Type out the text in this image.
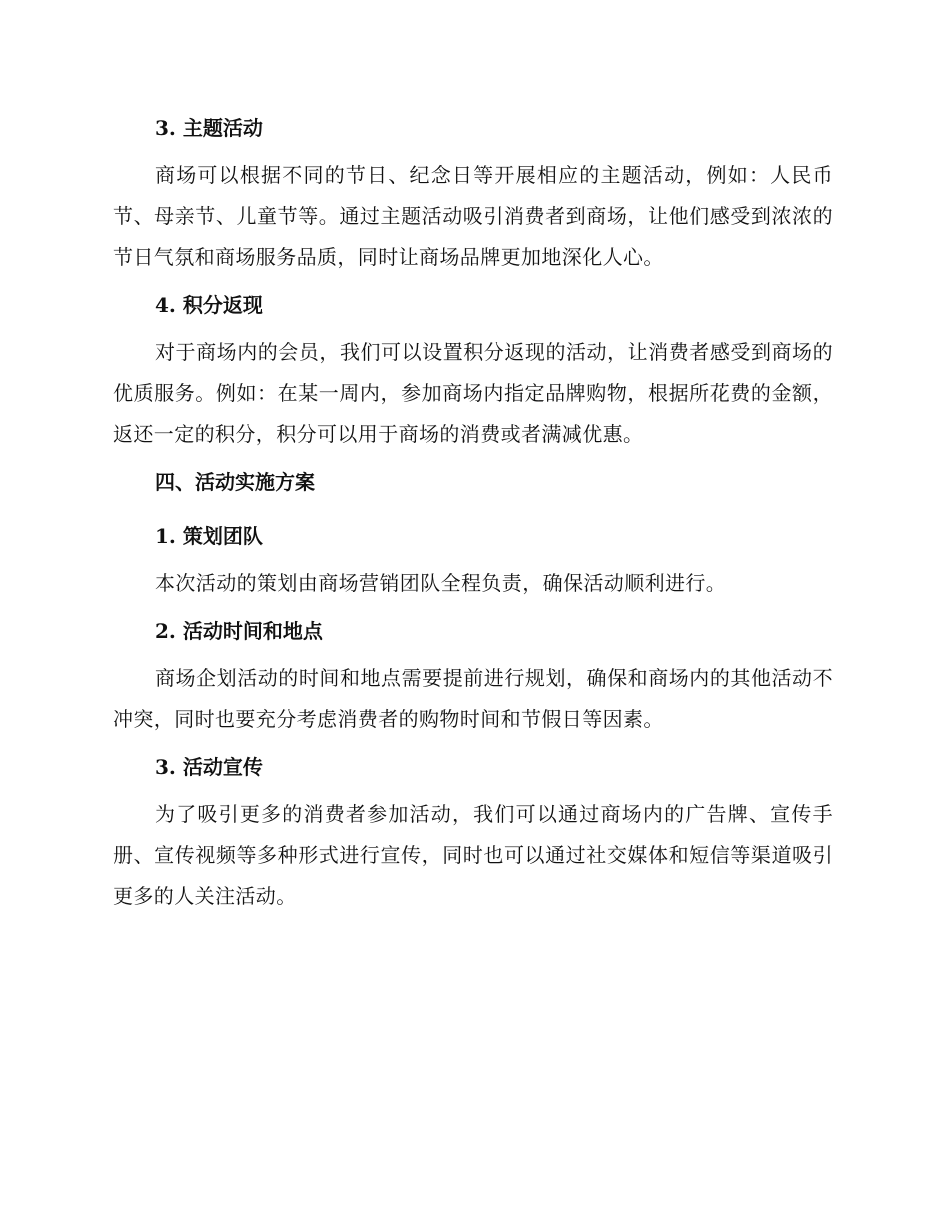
3. 主题活动

商场可以根据不同的节日、纪念日等开展相应的主题活动，例如：人民币节、母亲节、儿童节等。通过主题活动吸引消费者到商场，让他们感受到浓浓的节日气氛和商场服务品质，同时让商场品牌更加地深化人心。

4. 积分返现

对于商场内的会员，我们可以设置积分返现的活动，让消费者感受到商场的优质服务。例如：在某一周内，参加商场内指定品牌购物，根据所花费的金额，返还一定的积分，积分可以用于商场的消费或者满减优惠。

四、活动实施方案

1. 策划团队

本次活动的策划由商场营销团队全程负责，确保活动顺利进行。

2. 活动时间和地点

商场企划活动的时间和地点需要提前进行规划，确保和商场内的其他活动不冲突，同时也要充分考虑消费者的购物时间和节假日等因素。

3. 活动宣传

为了吸引更多的消费者参加活动，我们可以通过商场内的广告牌、宣传手册、宣传视频等多种形式进行宣传，同时也可以通过社交媒体和短信等渠道吸引更多的人关注活动。
